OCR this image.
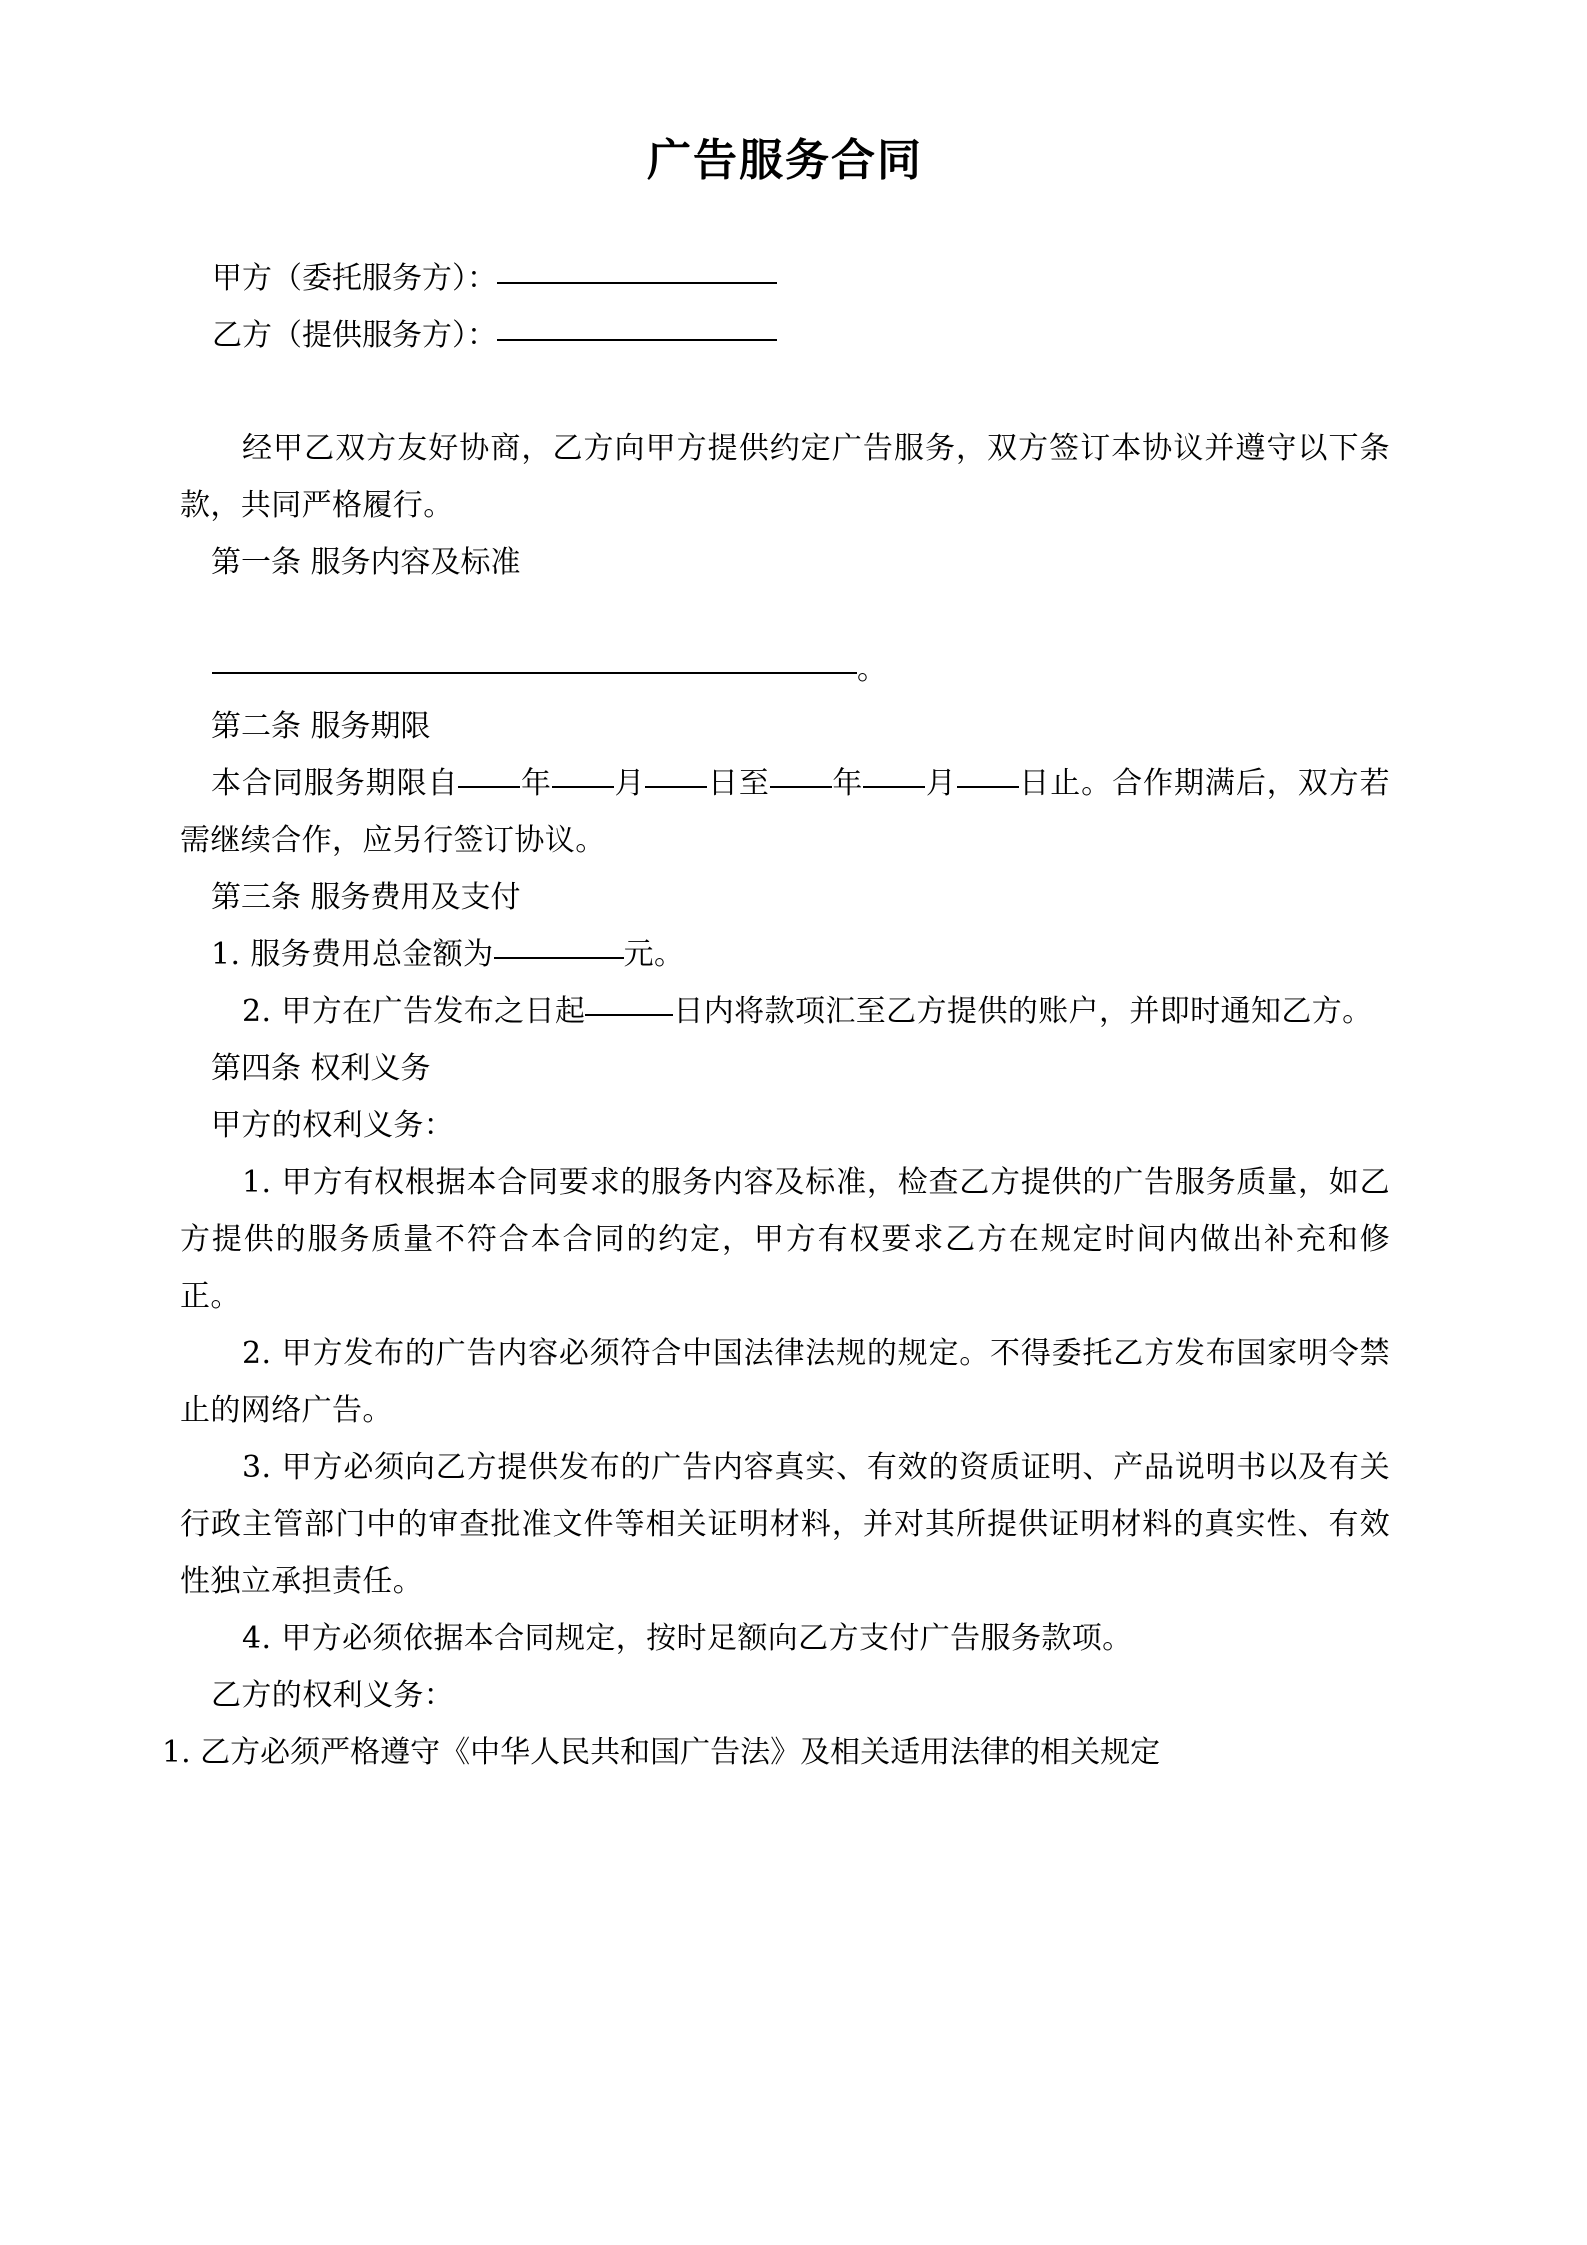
广告服务合同

甲方（委托服务方）：

乙方（提供服务方）：

经甲乙双方友好协商，乙方向甲方提供约定广告服务，双方签订本协议并遵守以下条款，共同严格履行。

第一条 服务内容及标准

。

第二条 服务期限

本合同服务期限自 年 月 日至 年 月 日止。合作期满后，双方若需继续合作，应另行签订协议。

第三条 服务费用及支付

1. 服务费用总金额为	元。

2. 甲方在广告发布之日起	日内将款项汇至乙方提供的账户，并即时通知乙方。

第四条 权利义务

甲方的权利义务：

1. 甲方有权根据本合同要求的服务内容及标准，检查乙方提供的广告服务质量，如乙方提供的服务质量不符合本合同的约定，甲方有权要求乙方在规定时间内做出补充和修正。

2. 甲方发布的广告内容必须符合中国法律法规的规定。不得委托乙方发布国家明令禁止的网络广告。

3. 甲方必须向乙方提供发布的广告内容真实、有效的资质证明、产品说明书以及有关行政主管部门中的审查批准文件等相关证明材料，并对其所提供证明材料的真实性、有效性独立承担责任。

4. 甲方必须依据本合同规定，按时足额向乙方支付广告服务款项。

乙方的权利义务：

1. 乙方必须严格遵守《中华人民共和国广告法》及相关适用法律的相关规定
